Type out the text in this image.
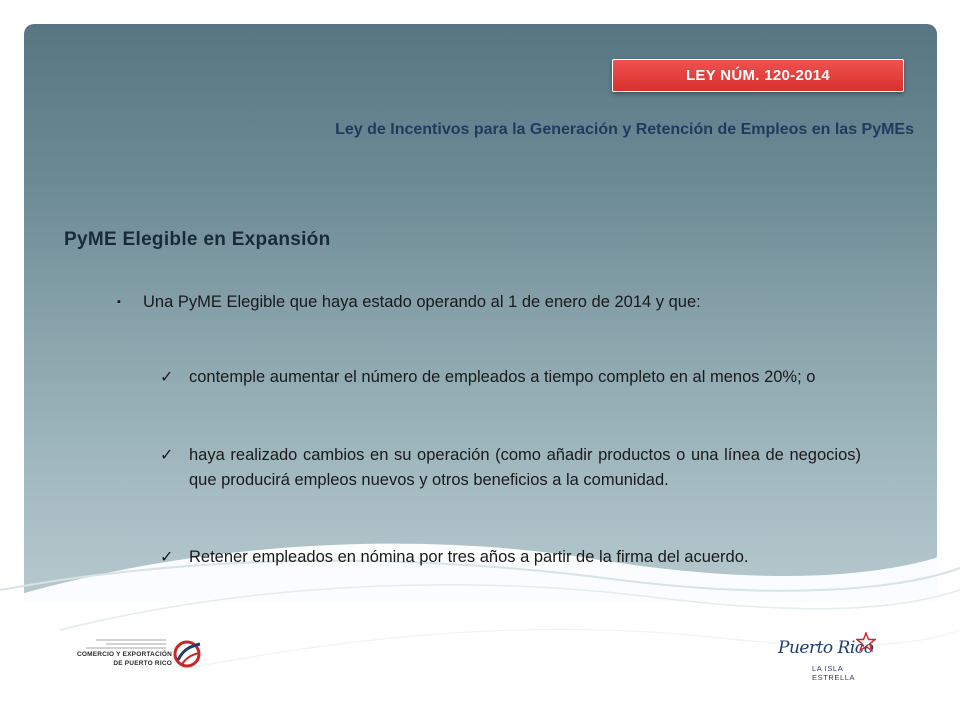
LEY NÚM. 120-2014
Ley de Incentivos para la Generación y Retención de Empleos en las PyMEs
PyME Elegible en Expansión
▪	Una PyME Elegible que haya estado operando al 1 de enero de 2014 y que:
✓ contemple aumentar el número de empleados a tiempo completo en al menos 20%; o
✓ haya realizado cambios en su operación (como añadir productos o una línea de negocios) que producirá empleos nuevos y otros beneficios a la comunidad.
✓ Retener empleados en nómina por tres años a partir de la firma del acuerdo.
COMERCIO Y EXPORTACIÓN
DE PUERTO RICO
Puerto Rico
LA ISLA ESTRELLA
